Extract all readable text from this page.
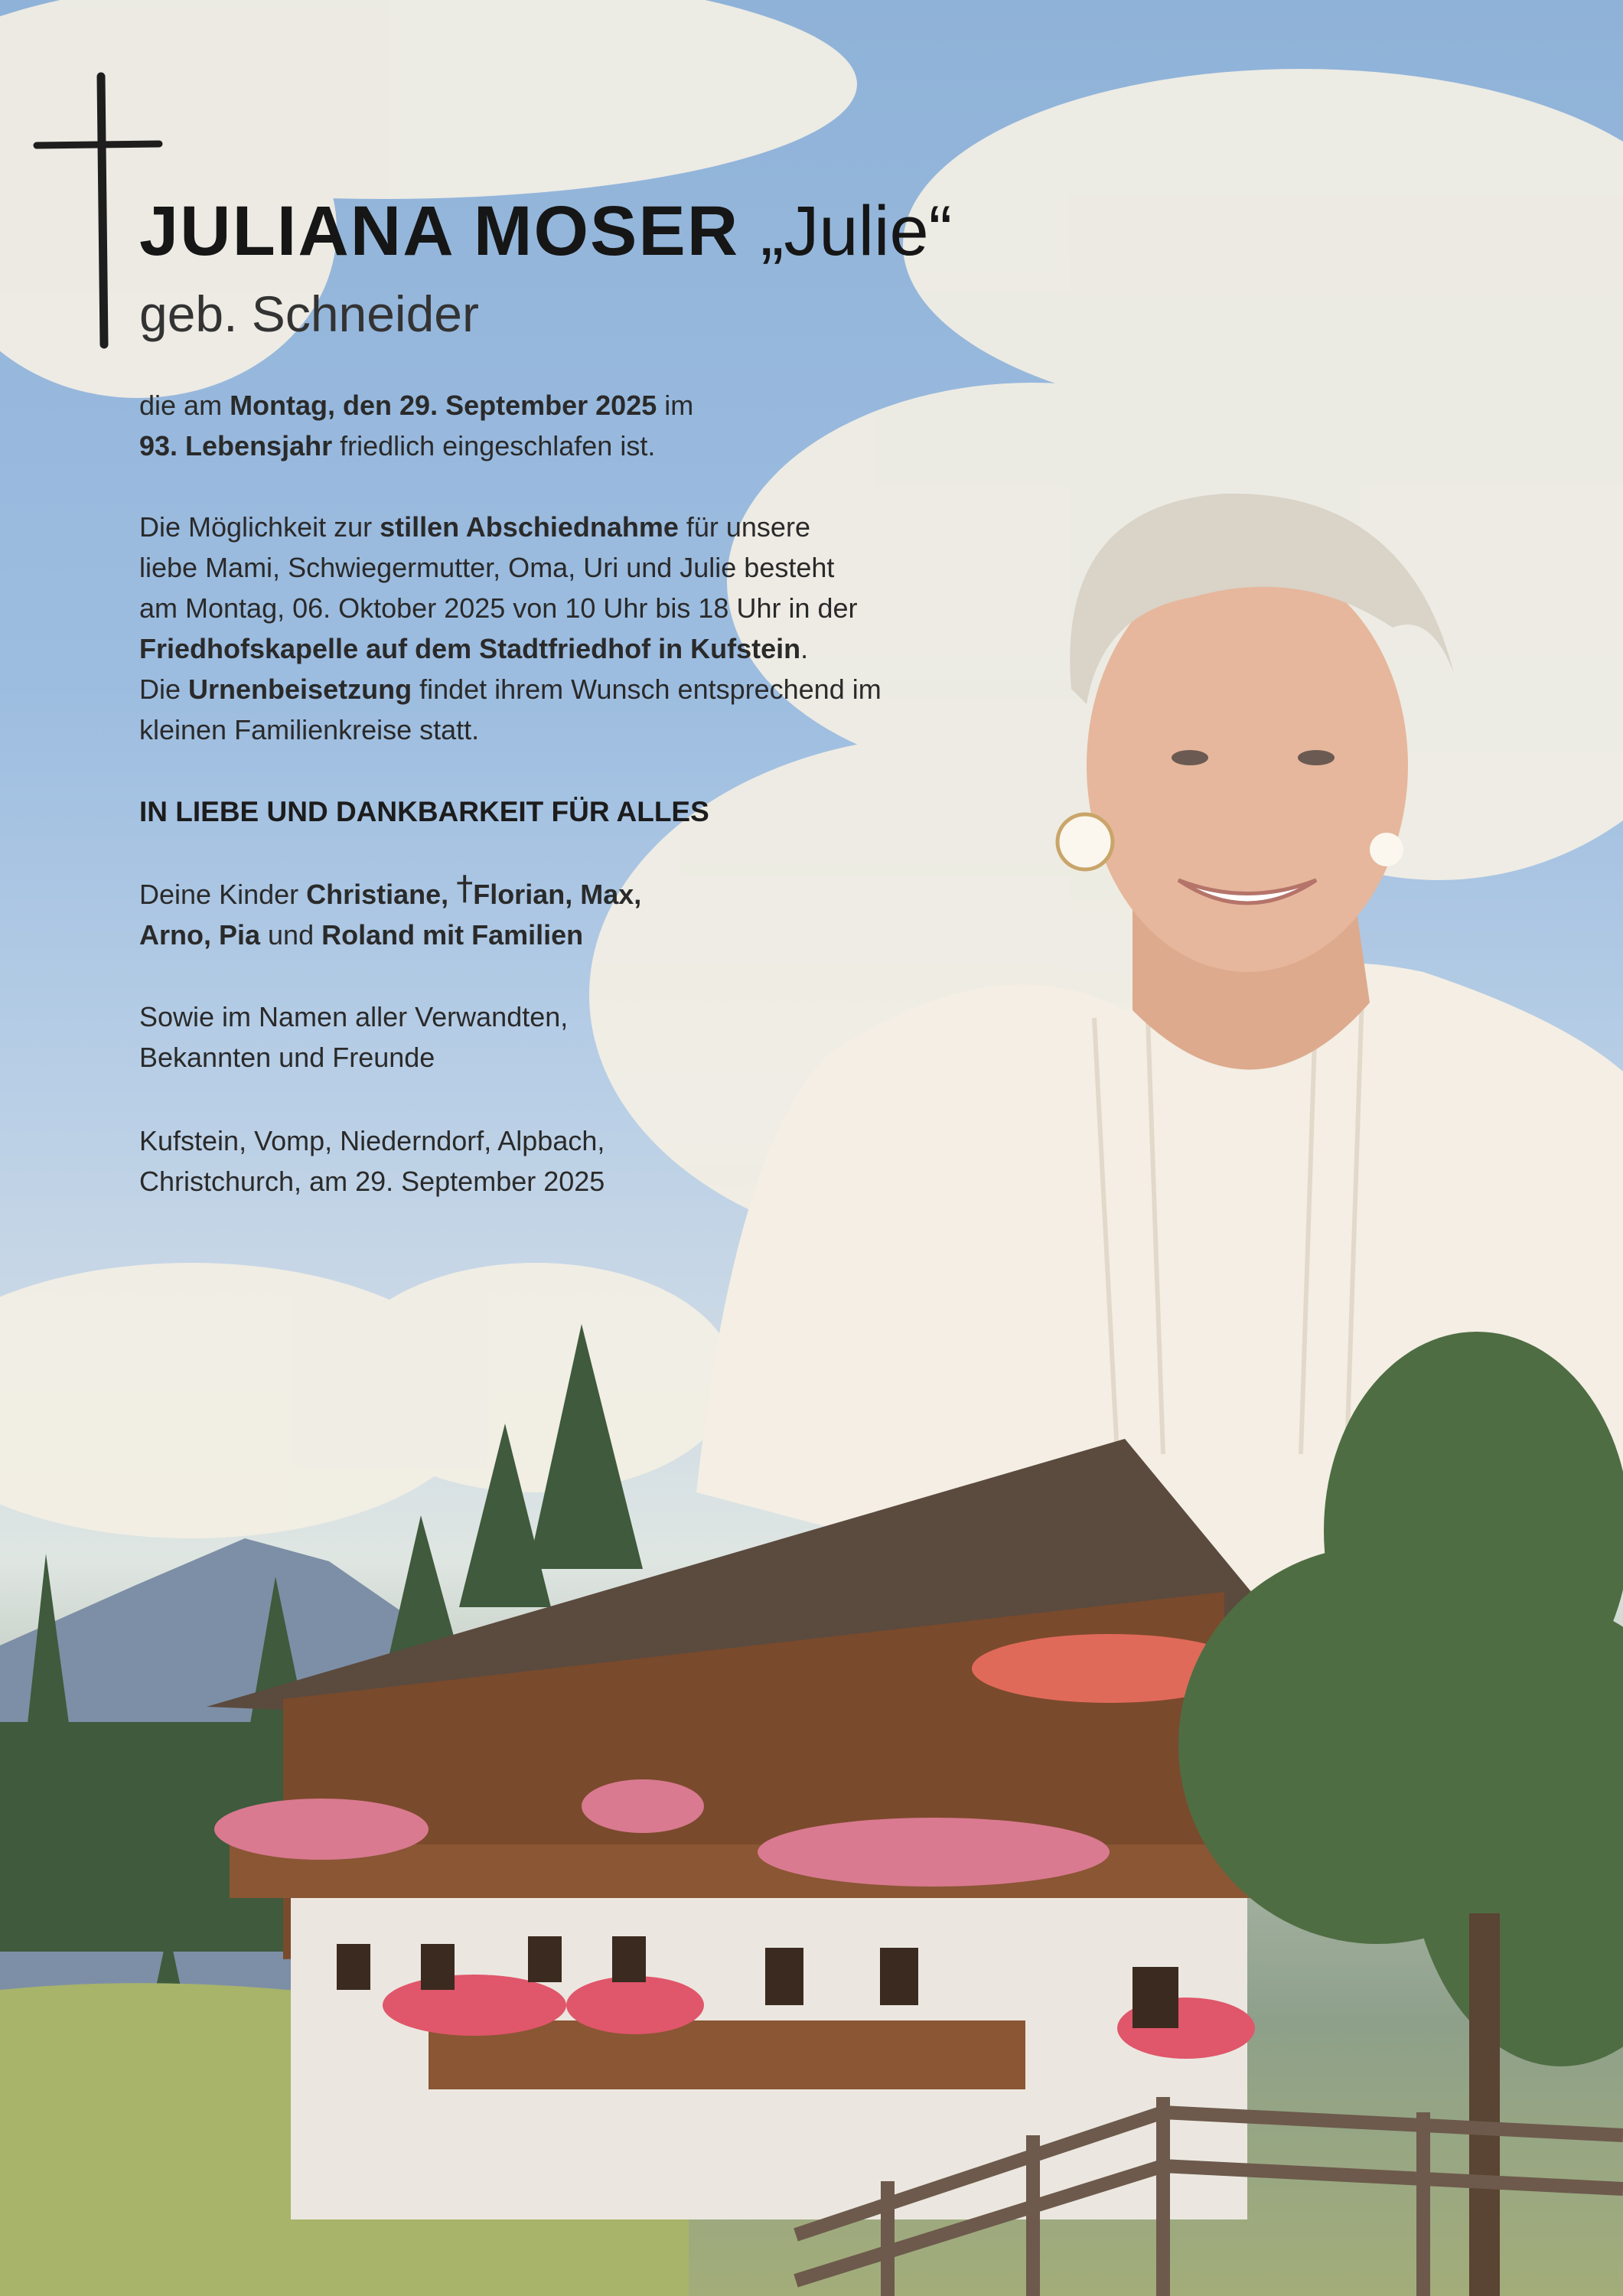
JULIANA MOSER „Julie“
geb. Schneider
die am Montag, den 29. September 2025 im
93. Lebensjahr friedlich eingeschlafen ist.
Die Möglichkeit zur stillen Abschiednahme für unsere
liebe Mami, Schwiegermutter, Oma, Uri und Julie besteht
am Montag, 06. Oktober 2025 von 10 Uhr bis 18 Uhr in der
Friedhofskapelle auf dem Stadtfriedhof in Kufstein.
Die Urnenbeisetzung findet ihrem Wunsch entsprechend im
kleinen Familienkreise statt.
IN LIEBE UND DANKBARKEIT FÜR ALLES
Deine Kinder Christiane, †Florian, Max,
Arno, Pia und Roland mit Familien
Sowie im Namen aller Verwandten,
Bekannten und Freunde
Kufstein, Vomp, Niederndorf, Alpbach,
Christchurch, am 29. September 2025
